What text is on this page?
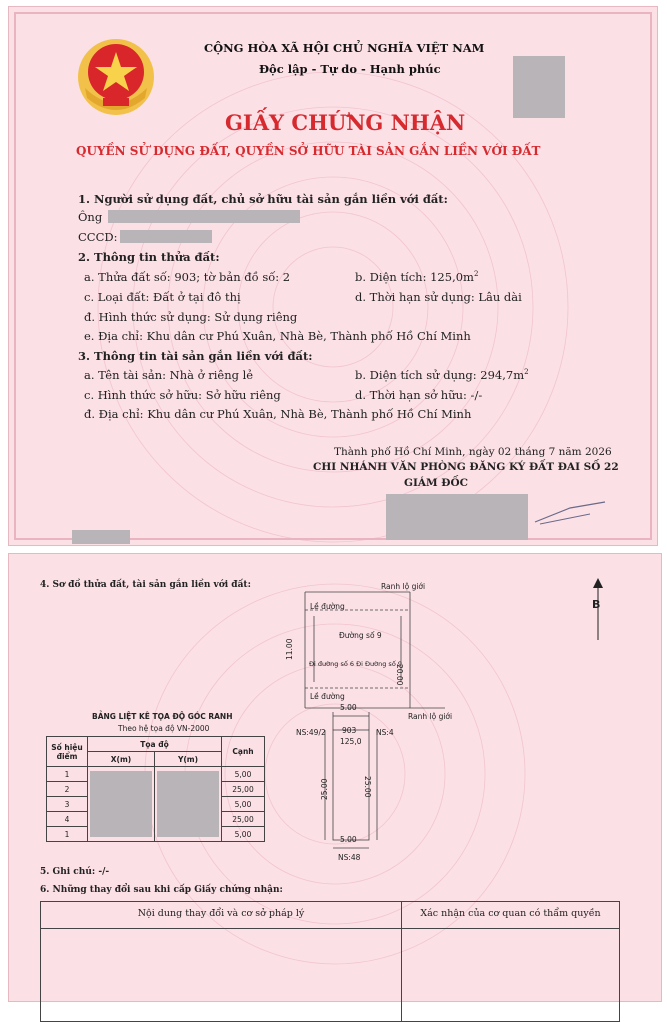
CỘNG HÒA XÃ HỘI CHỦ NGHĨA VIỆT NAM
Độc lập - Tự do - Hạnh phúc
GIẤY CHỨNG NHẬN
QUYỀN SỬ DỤNG ĐẤT, QUYỀN SỞ HỮU TÀI SẢN GẮN LIỀN VỚI ĐẤT
1. Người sử dụng đất, chủ sở hữu tài sản gắn liền với đất:
Ông
CCCD:
2. Thông tin thửa đất:
a. Thửa đất số: 903; tờ bản đồ số: 2	b. Diện tích: $125,0m^2$
c. Loại đất: Đất ở tại đô thị	d. Thời hạn sử dụng: Lâu dài
đ. Hình thức sử dụng: Sử dụng riêng
e. Địa chỉ: Khu dân cư Phú Xuân, Nhà Bè, Thành phố Hồ Chí Minh
3. Thông tin tài sản gắn liền với đất:
a. Tên tài sản: Nhà ở riêng lẻ	b. Diện tích sử dụng: $294,7m^2$
c. Hình thức sở hữu: Sở hữu riêng	d. Thời hạn sở hữu: -/-
đ. Địa chỉ: Khu dân cư Phú Xuân, Nhà Bè, Thành phố Hồ Chí Minh
Thành phố Hồ Chí Minh, ngày 02 tháng 7 năm 2026
CHI NHÁNH VĂN PHÒNG ĐĂNG KÝ ĐẤT ĐAI SỐ 22
GIÁM ĐỐC
4. Sơ đồ thửa đất, tài sản gắn liền với đất:
B
Ranh lộ giới
Lề đường
Đường số 9
Đi đường số 6 Đi Đường số 9
Lề đường
Ranh lộ giới
11.00
20.00
5.00
NS:49/2 903
125,0
NS:4
25.00	25.00
5.00
NS:48
BẢNG LIỆT KÊ TỌA ĐỘ GÓC RANH
Theo hệ tọa độ VN-2000
Số hiệu điểm	Tọa độ		Cạnh
	X(m)	Y(m)	
1			5,00
2			25,00
3			5,00
4			25,00
1			5,00
5. Ghi chú: -/-
6. Những thay đổi sau khi cấp Giấy chứng nhận:
Nội dung thay đổi và cơ sở pháp lý	Xác nhận của cơ quan có thẩm quyền
